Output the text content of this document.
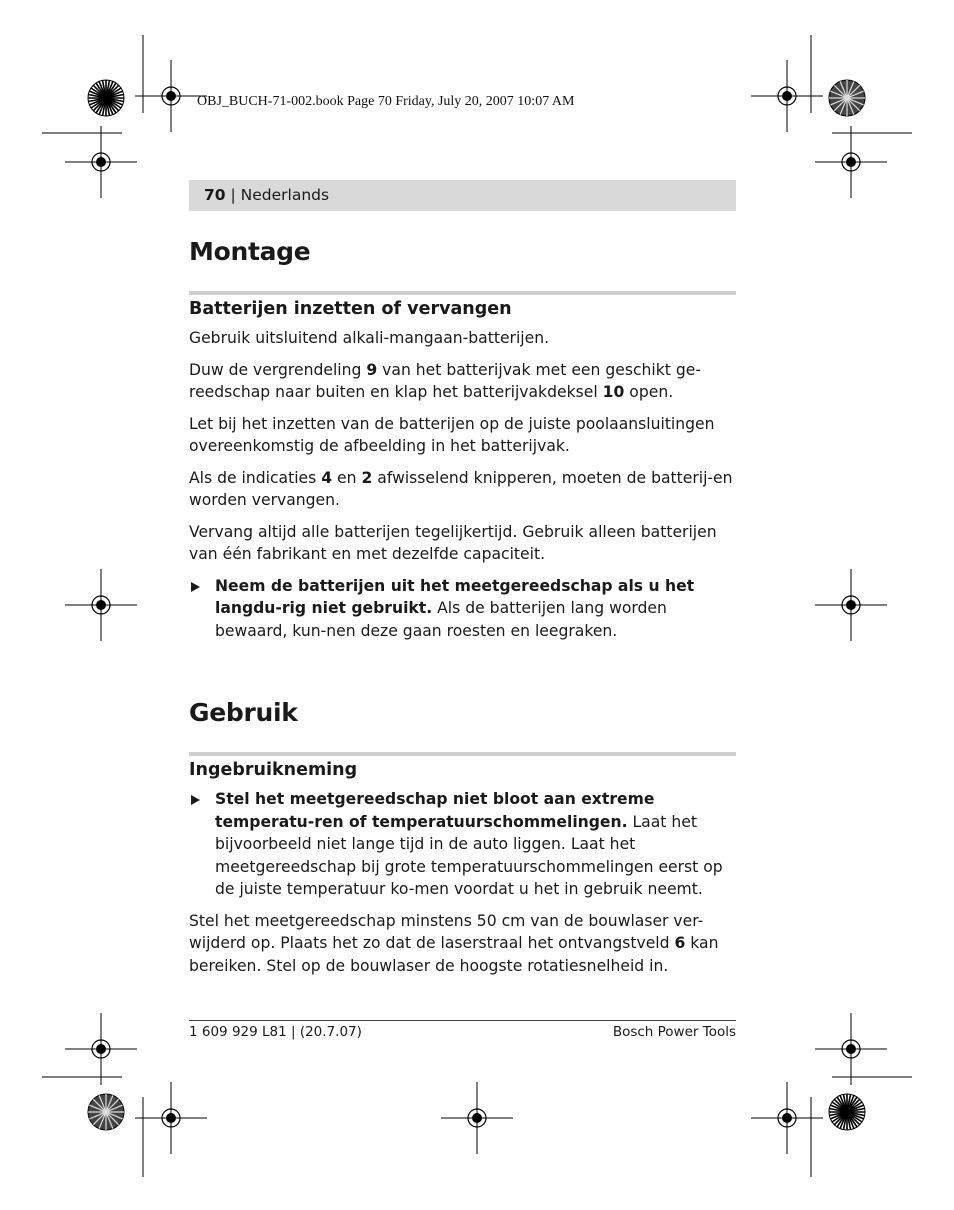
OBJ_BUCH-71-002.book Page 70 Friday, July 20, 2007 10:07 AM
70 | Nederlands
Montage
Batterijen inzetten of vervangen

Gebruik uitsluitend alkali-mangaan-batterijen.

Duw de vergrendeling 9 van het batterijvak met een geschikt ge-reedschap naar buiten en klap het batterijvakdeksel 10 open.

Let bij het inzetten van de batterijen op de juiste poolaansluitingen overeenkomstig de afbeelding in het batterijvak.

Als de indicaties 4 en 2 afwisselend knipperen, moeten de batterij-en worden vervangen.

Vervang altijd alle batterijen tegelijkertijd. Gebruik alleen batterijen van één fabrikant en met dezelfde capaciteit.

Neem de batterijen uit het meetgereedschap als u het langdu-rig niet gebruikt. Als de batterijen lang worden bewaard, kun-nen deze gaan roesten en leegraken.

Gebruik
Ingebruikneming

Stel het meetgereedschap niet bloot aan extreme temperatu-ren of temperatuurschommelingen. Laat het bijvoorbeeld niet lange tijd in de auto liggen. Laat het meetgereedschap bij grote temperatuurschommelingen eerst op de juiste temperatuur ko-men voordat u het in gebruik neemt.

Stel het meetgereedschap minstens 50 cm van de bouwlaser ver-wijderd op. Plaats het zo dat de laserstraal het ontvangstveld 6 kan bereiken. Stel op de bouwlaser de hoogste rotatiesnelheid in.

1 609 929 L81 | (20.7.07)	Bosch Power Tools
